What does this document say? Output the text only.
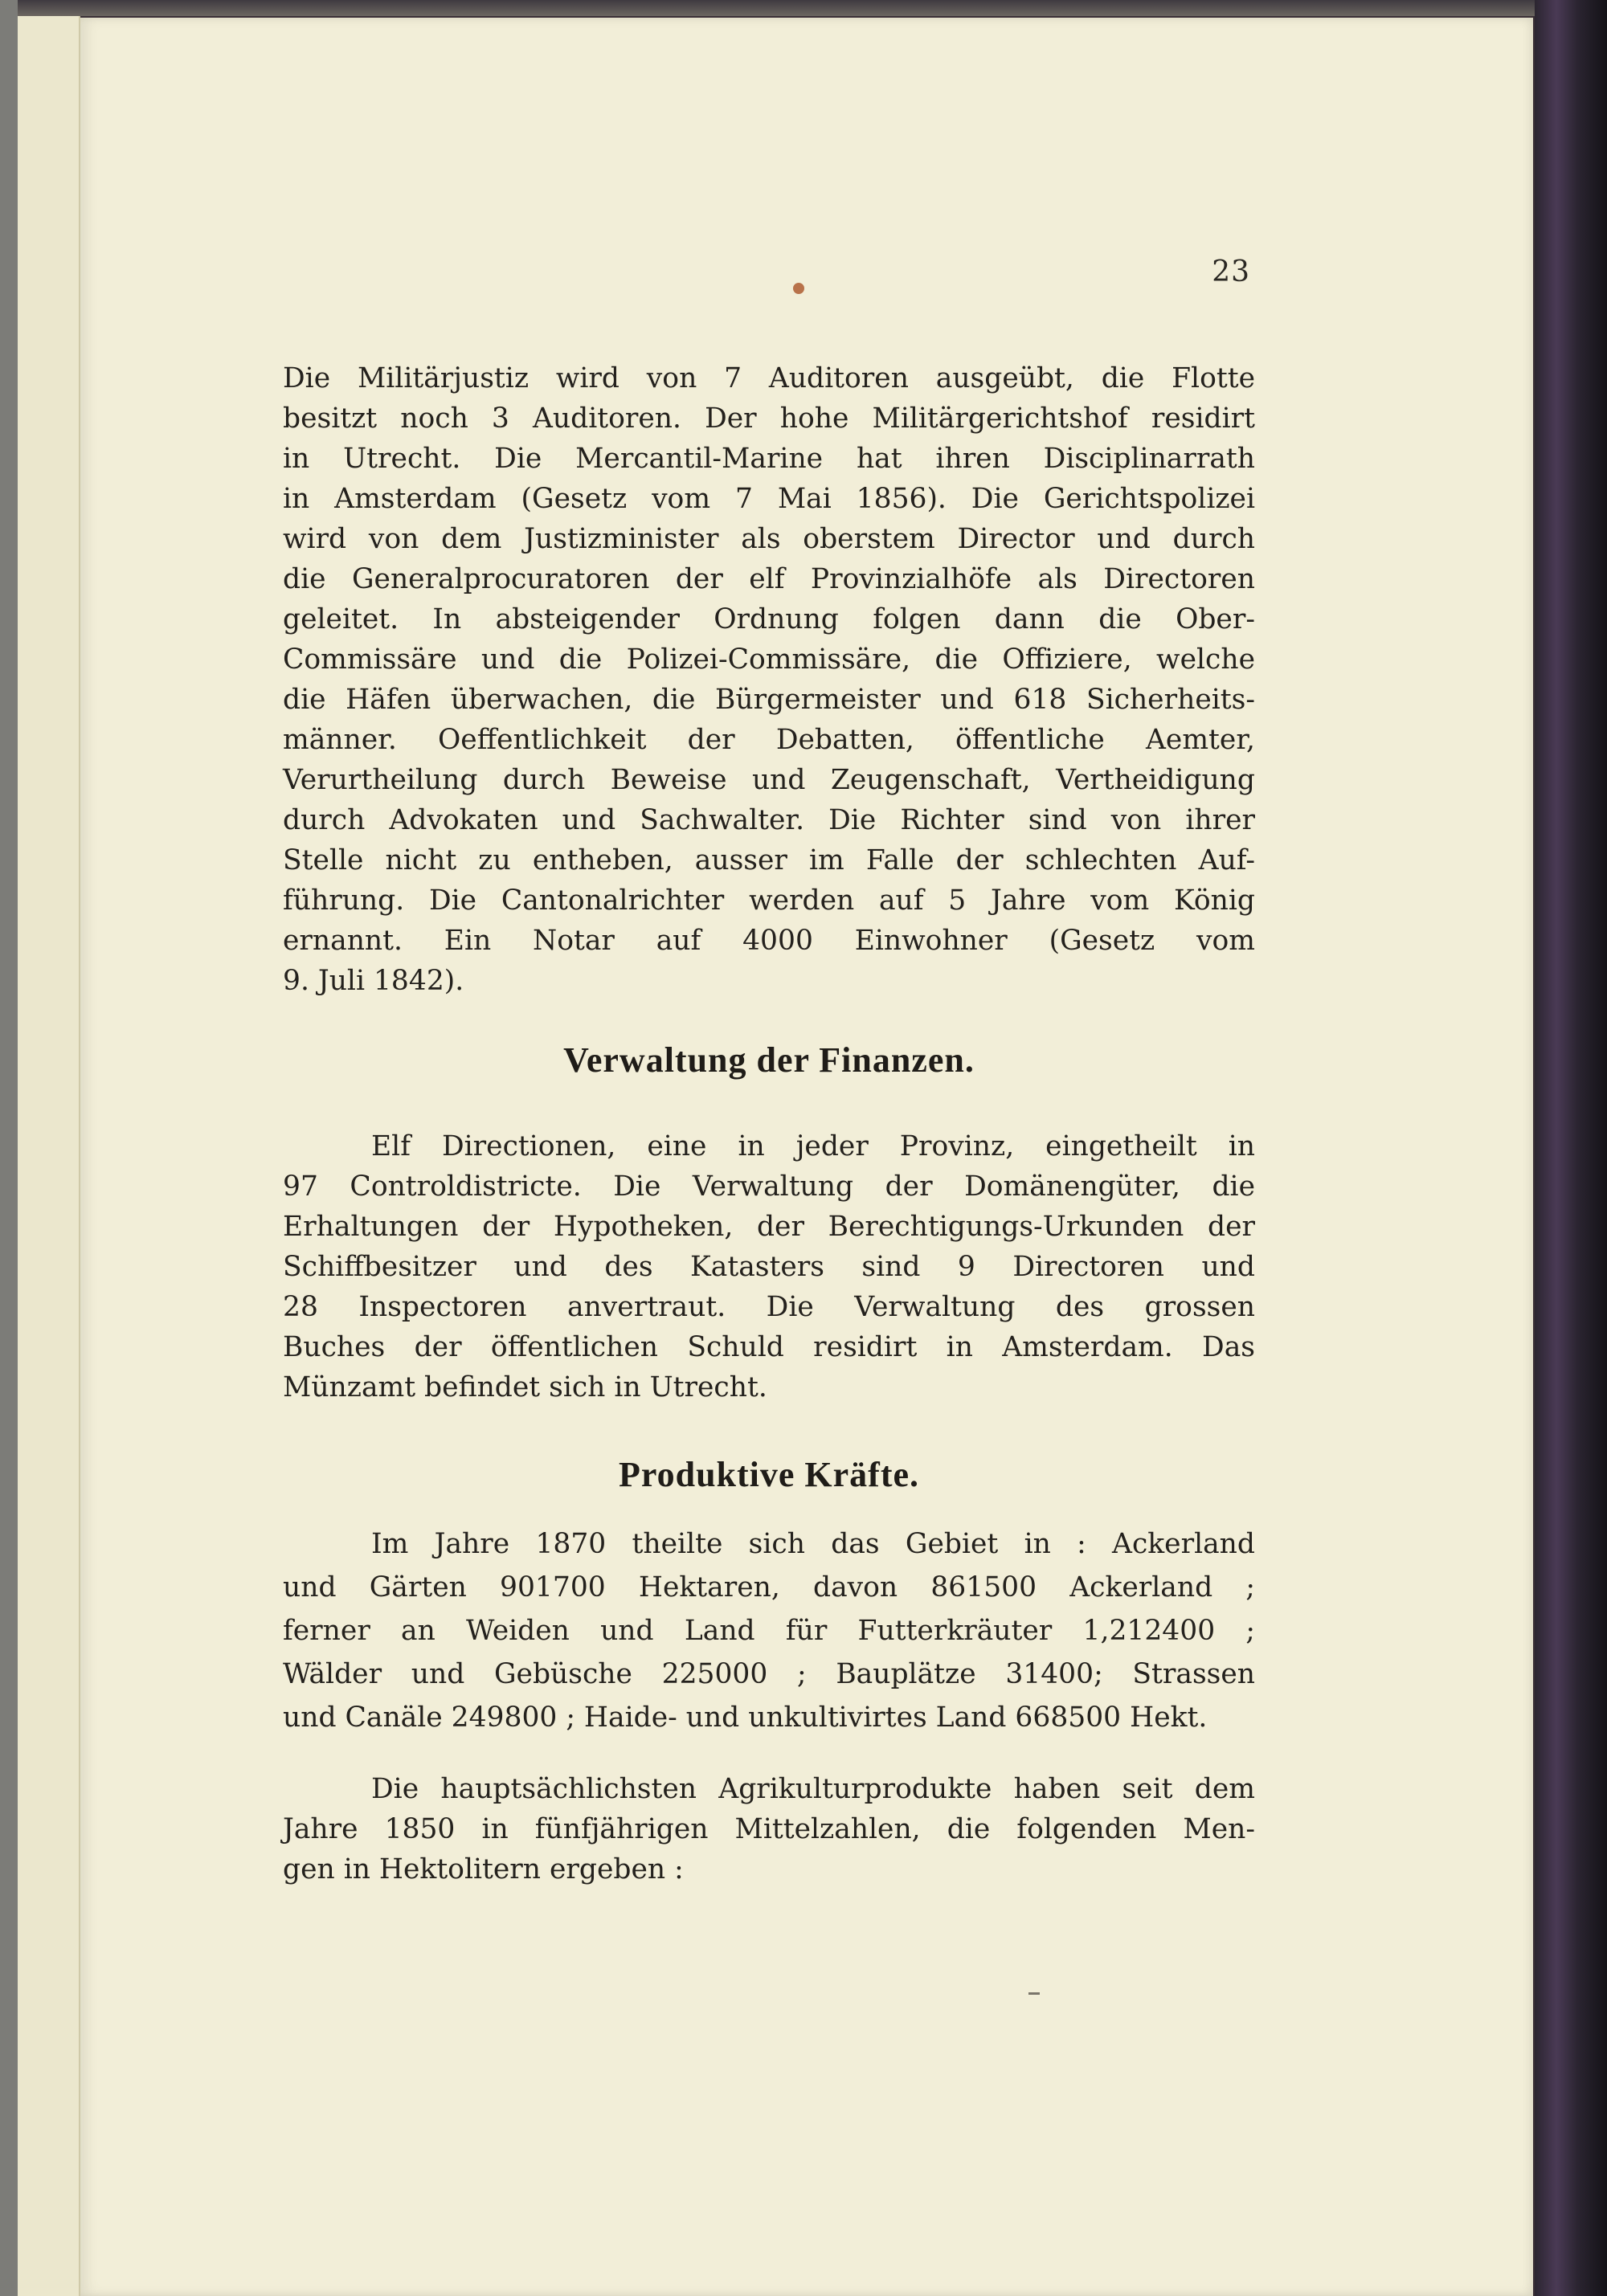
23
Die Militärjustiz wird von 7 Auditoren ausgeübt, die Flotte
besitzt noch 3 Auditoren. Der hohe Militärgerichtshof residirt
in Utrecht. Die Mercantil-Marine hat ihren Disciplinarrath
in Amsterdam (Gesetz vom 7 Mai 1856). Die Gerichtspolizei
wird von dem Justizminister als oberstem Director und durch
die Generalprocuratoren der elf Provinzialhöfe als Directoren
geleitet. In absteigender Ordnung folgen dann die Ober-
Commissäre und die Polizei-Commissäre, die Offiziere, welche
die Häfen überwachen, die Bürgermeister und 618 Sicherheits-
männer. Oeffentlichkeit der Debatten, öffentliche Aemter,
Verurtheilung durch Beweise und Zeugenschaft, Vertheidigung
durch Advokaten und Sachwalter. Die Richter sind von ihrer
Stelle nicht zu entheben, ausser im Falle der schlechten Auf-
führung. Die Cantonalrichter werden auf 5 Jahre vom König
ernannt. Ein Notar auf 4000 Einwohner (Gesetz vom
9. Juli 1842).
Verwaltung der Finanzen.
Elf Directionen, eine in jeder Provinz, eingetheilt in
97 Controldistricte. Die Verwaltung der Domänengüter, die
Erhaltungen der Hypotheken, der Berechtigungs-Urkunden der
Schiffbesitzer und des Katasters sind 9 Directoren und
28 Inspectoren anvertraut. Die Verwaltung des grossen
Buches der öffentlichen Schuld residirt in Amsterdam. Das
Münzamt befindet sich in Utrecht.
Produktive Kräfte.
Im Jahre 1870 theilte sich das Gebiet in : Ackerland
und Gärten 901700 Hektaren, davon 861500 Ackerland ;
ferner an Weiden und Land für Futterkräuter 1,212400 ;
Wälder und Gebüsche 225000 ; Bauplätze 31400; Strassen
und Canäle 249800 ; Haide- und unkultivirtes Land 668500 Hekt.
Die hauptsächlichsten Agrikulturprodukte haben seit dem
Jahre 1850 in fünfjährigen Mittelzahlen, die folgenden Men-
gen in Hektolitern ergeben :
